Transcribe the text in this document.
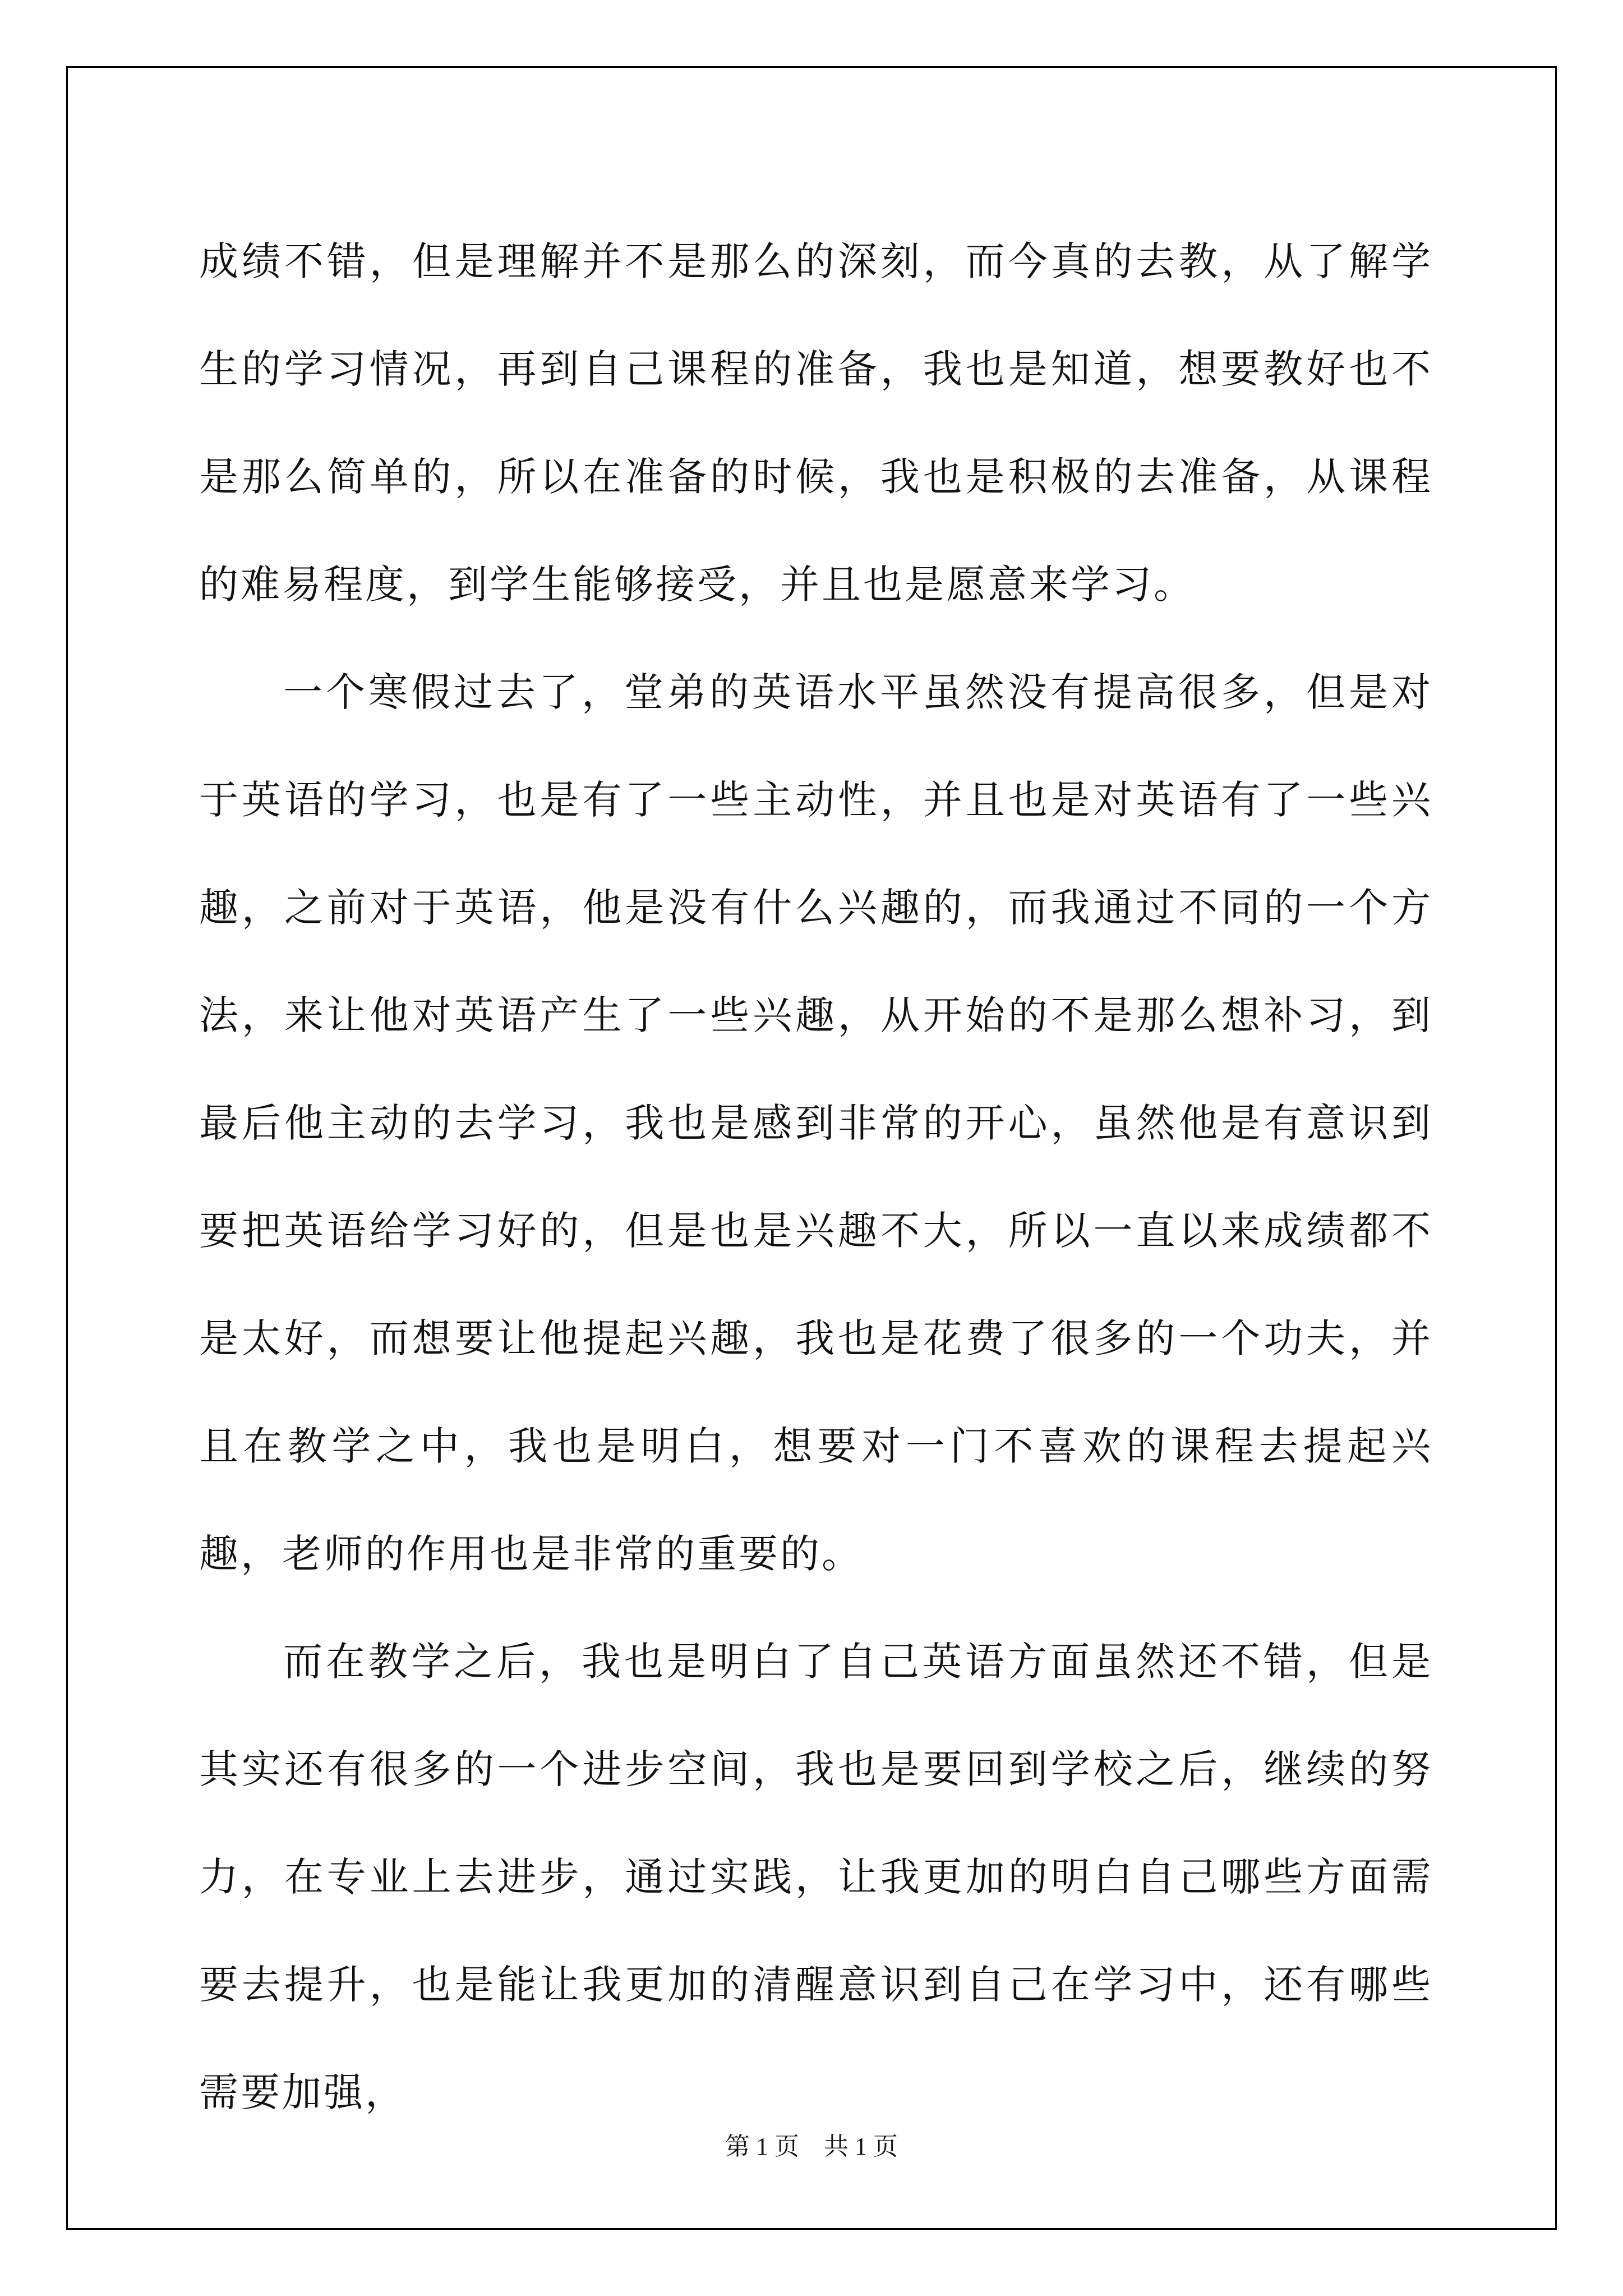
成绩不错，但是理解并不是那么的深刻，而今真的去教，从了解学生的学习情况，再到自己课程的准备，我也是知道，想要教好也不是那么简单的，所以在准备的时候，我也是积极的去准备，从课程的难易程度，到学生能够接受，并且也是愿意来学习。

一个寒假过去了，堂弟的英语水平虽然没有提高很多，但是对于英语的学习，也是有了一些主动性，并且也是对英语有了一些兴趣，之前对于英语，他是没有什么兴趣的，而我通过不同的一个方法，来让他对英语产生了一些兴趣，从开始的不是那么想补习，到最后他主动的去学习，我也是感到非常的开心，虽然他是有意识到要把英语给学习好的，但是也是兴趣不大，所以一直以来成绩都不是太好，而想要让他提起兴趣，我也是花费了很多的一个功夫，并且在教学之中，我也是明白，想要对一门不喜欢的课程去提起兴趣，老师的作用也是非常的重要的。

而在教学之后，我也是明白了自己英语方面虽然还不错，但是其实还有很多的一个进步空间，我也是要回到学校之后，继续的努力，在专业上去进步，通过实践，让我更加的明白自己哪些方面需要去提升，也是能让我更加的清醒意识到自己在学习中，还有哪些需要加强，

第 1 页    共 1 页
